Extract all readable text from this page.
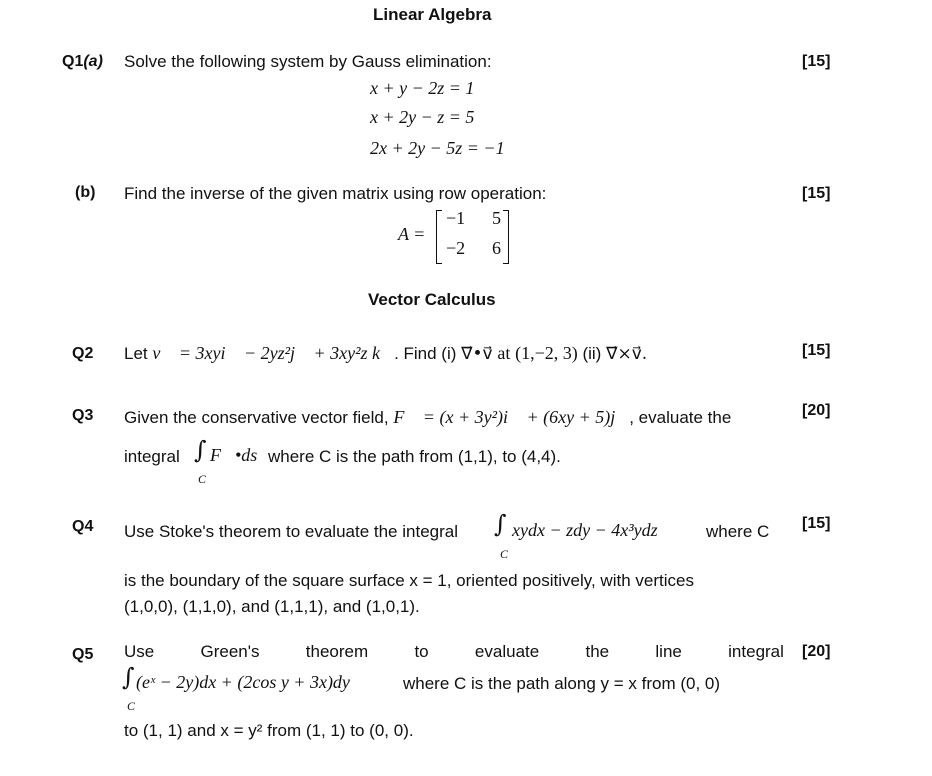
Linear Algebra
Q1(a) Solve the following system by Gauss elimination:	[15]
x + y − 2z = 1
x + 2y − z = 5
2x + 2y − 5z = −1
(b) Find the inverse of the given matrix using row operation:	[15]
A =
−1 5
−2 6
Vector Calculus
Q2 Let v⃗ = 3xyi⃗ − 2yz²j⃗ + 3xy²z k⃗. Find (i) ∇⃗•v⃗ at (1,−2, 3) (ii) ∇⃗×v⃗.	[15]
Q3 Given the conservative vector field, F⃗ = (x + 3y²)i⃗ + (6xy + 5)j⃗, evaluate the	[20]
integral ∫
C
F⃗•ds⃗
where C is the path from (1,1), to (4,4).
Q4 Use Stoke's theorem to evaluate the integral ∫
C
xydx − zdy − 4x³ydz	where C [15]
is the boundary of the square surface x = 1, oriented positively, with vertices
(1,0,0), (1,1,0), and (1,1,1), and (1,0,1).
Q5 Use	Green's	theorem	to	evaluate	the	line	integral [20]
∫
C
(eˣ − 2y)dx + (2cos y + 3x)dy	where C is the path along y = x from (0, 0)
to (1, 1) and x = y² from (1, 1) to (0, 0).
